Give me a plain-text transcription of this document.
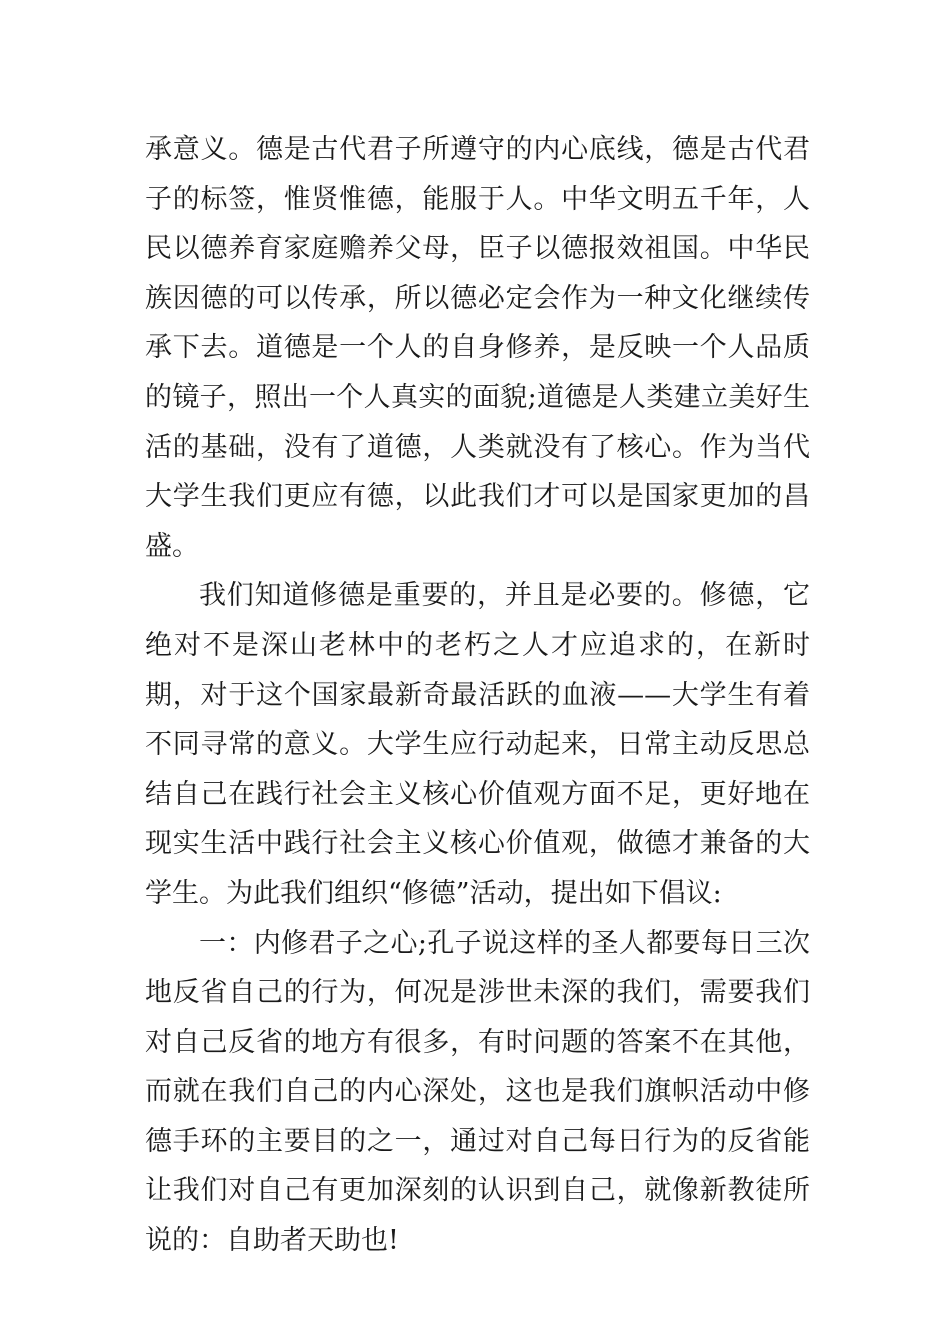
承意义。德是古代君子所遵守的内心底线，德是古代君子的标签，惟贤惟德，能服于人。中华文明五千年，人民以德养育家庭赡养父母，臣子以德报效祖国。中华民族因德的可以传承，所以德必定会作为一种文化继续传承下去。道德是一个人的自身修养，是反映一个人品质的镜子，照出一个人真实的面貌;道德是人类建立美好生活的基础，没有了道德，人类就没有了核心。作为当代大学生我们更应有德，以此我们才可以是国家更加的昌盛。

我们知道修德是重要的，并且是必要的。修德，它绝对不是深山老林中的老朽之人才应追求的，在新时期，对于这个国家最新奇最活跃的血液——大学生有着不同寻常的意义。大学生应行动起来，日常主动反思总结自己在践行社会主义核心价值观方面不足，更好地在现实生活中践行社会主义核心价值观，做德才兼备的大学生。为此我们组织“修德”活动，提出如下倡议:

一：内修君子之心;孔子说这样的圣人都要每日三次地反省自己的行为，何况是涉世未深的我们，需要我们对自己反省的地方有很多，有时问题的答案不在其他，而就在我们自己的内心深处，这也是我们旗帜活动中修德手环的主要目的之一，通过对自己每日行为的反省能让我们对自己有更加深刻的认识到自己，就像新教徒所说的：自助者天助也!
